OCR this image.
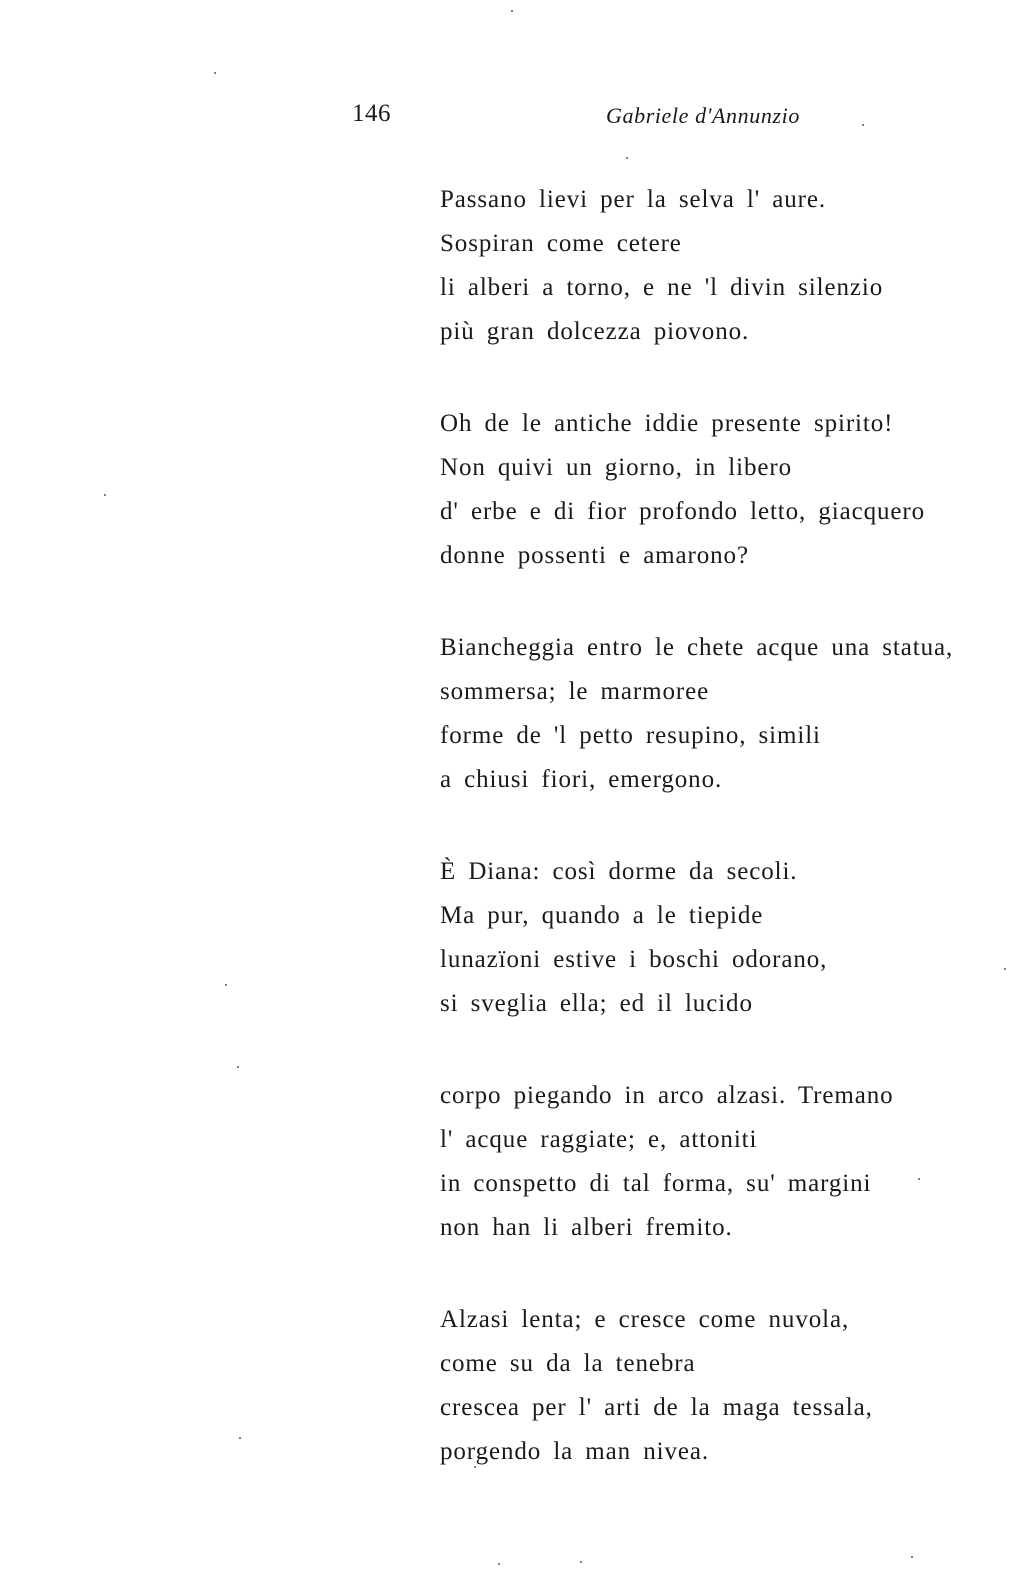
146	Gabriele d'Annunzio
Passano lievi per la selva l' aure.
Sospiran come cetere
li alberi a torno, e ne 'l divin silenzio
più gran dolcezza piovono.
Oh de le antiche iddie presente spirito!
Non quivi un giorno, in libero
d' erbe e di fior profondo letto, giacquero
donne possenti e amarono?
Biancheggia entro le chete acque una statua,
sommersa; le marmoree
forme de 'l petto resupino, simili
a chiusi fiori, emergono.
È Diana: così dorme da secoli.
Ma pur, quando a le tiepide
lunazïoni estive i boschi odorano,
si sveglia ella; ed il lucido
corpo piegando in arco alzasi. Tremano
l' acque raggiate; e, attoniti
in conspetto di tal forma, su' margini
non han li alberi fremito.
Alzasi lenta; e cresce come nuvola,
come su da la tenebra
crescea per l' arti de la maga tessala,
porgendo la man nivea.
